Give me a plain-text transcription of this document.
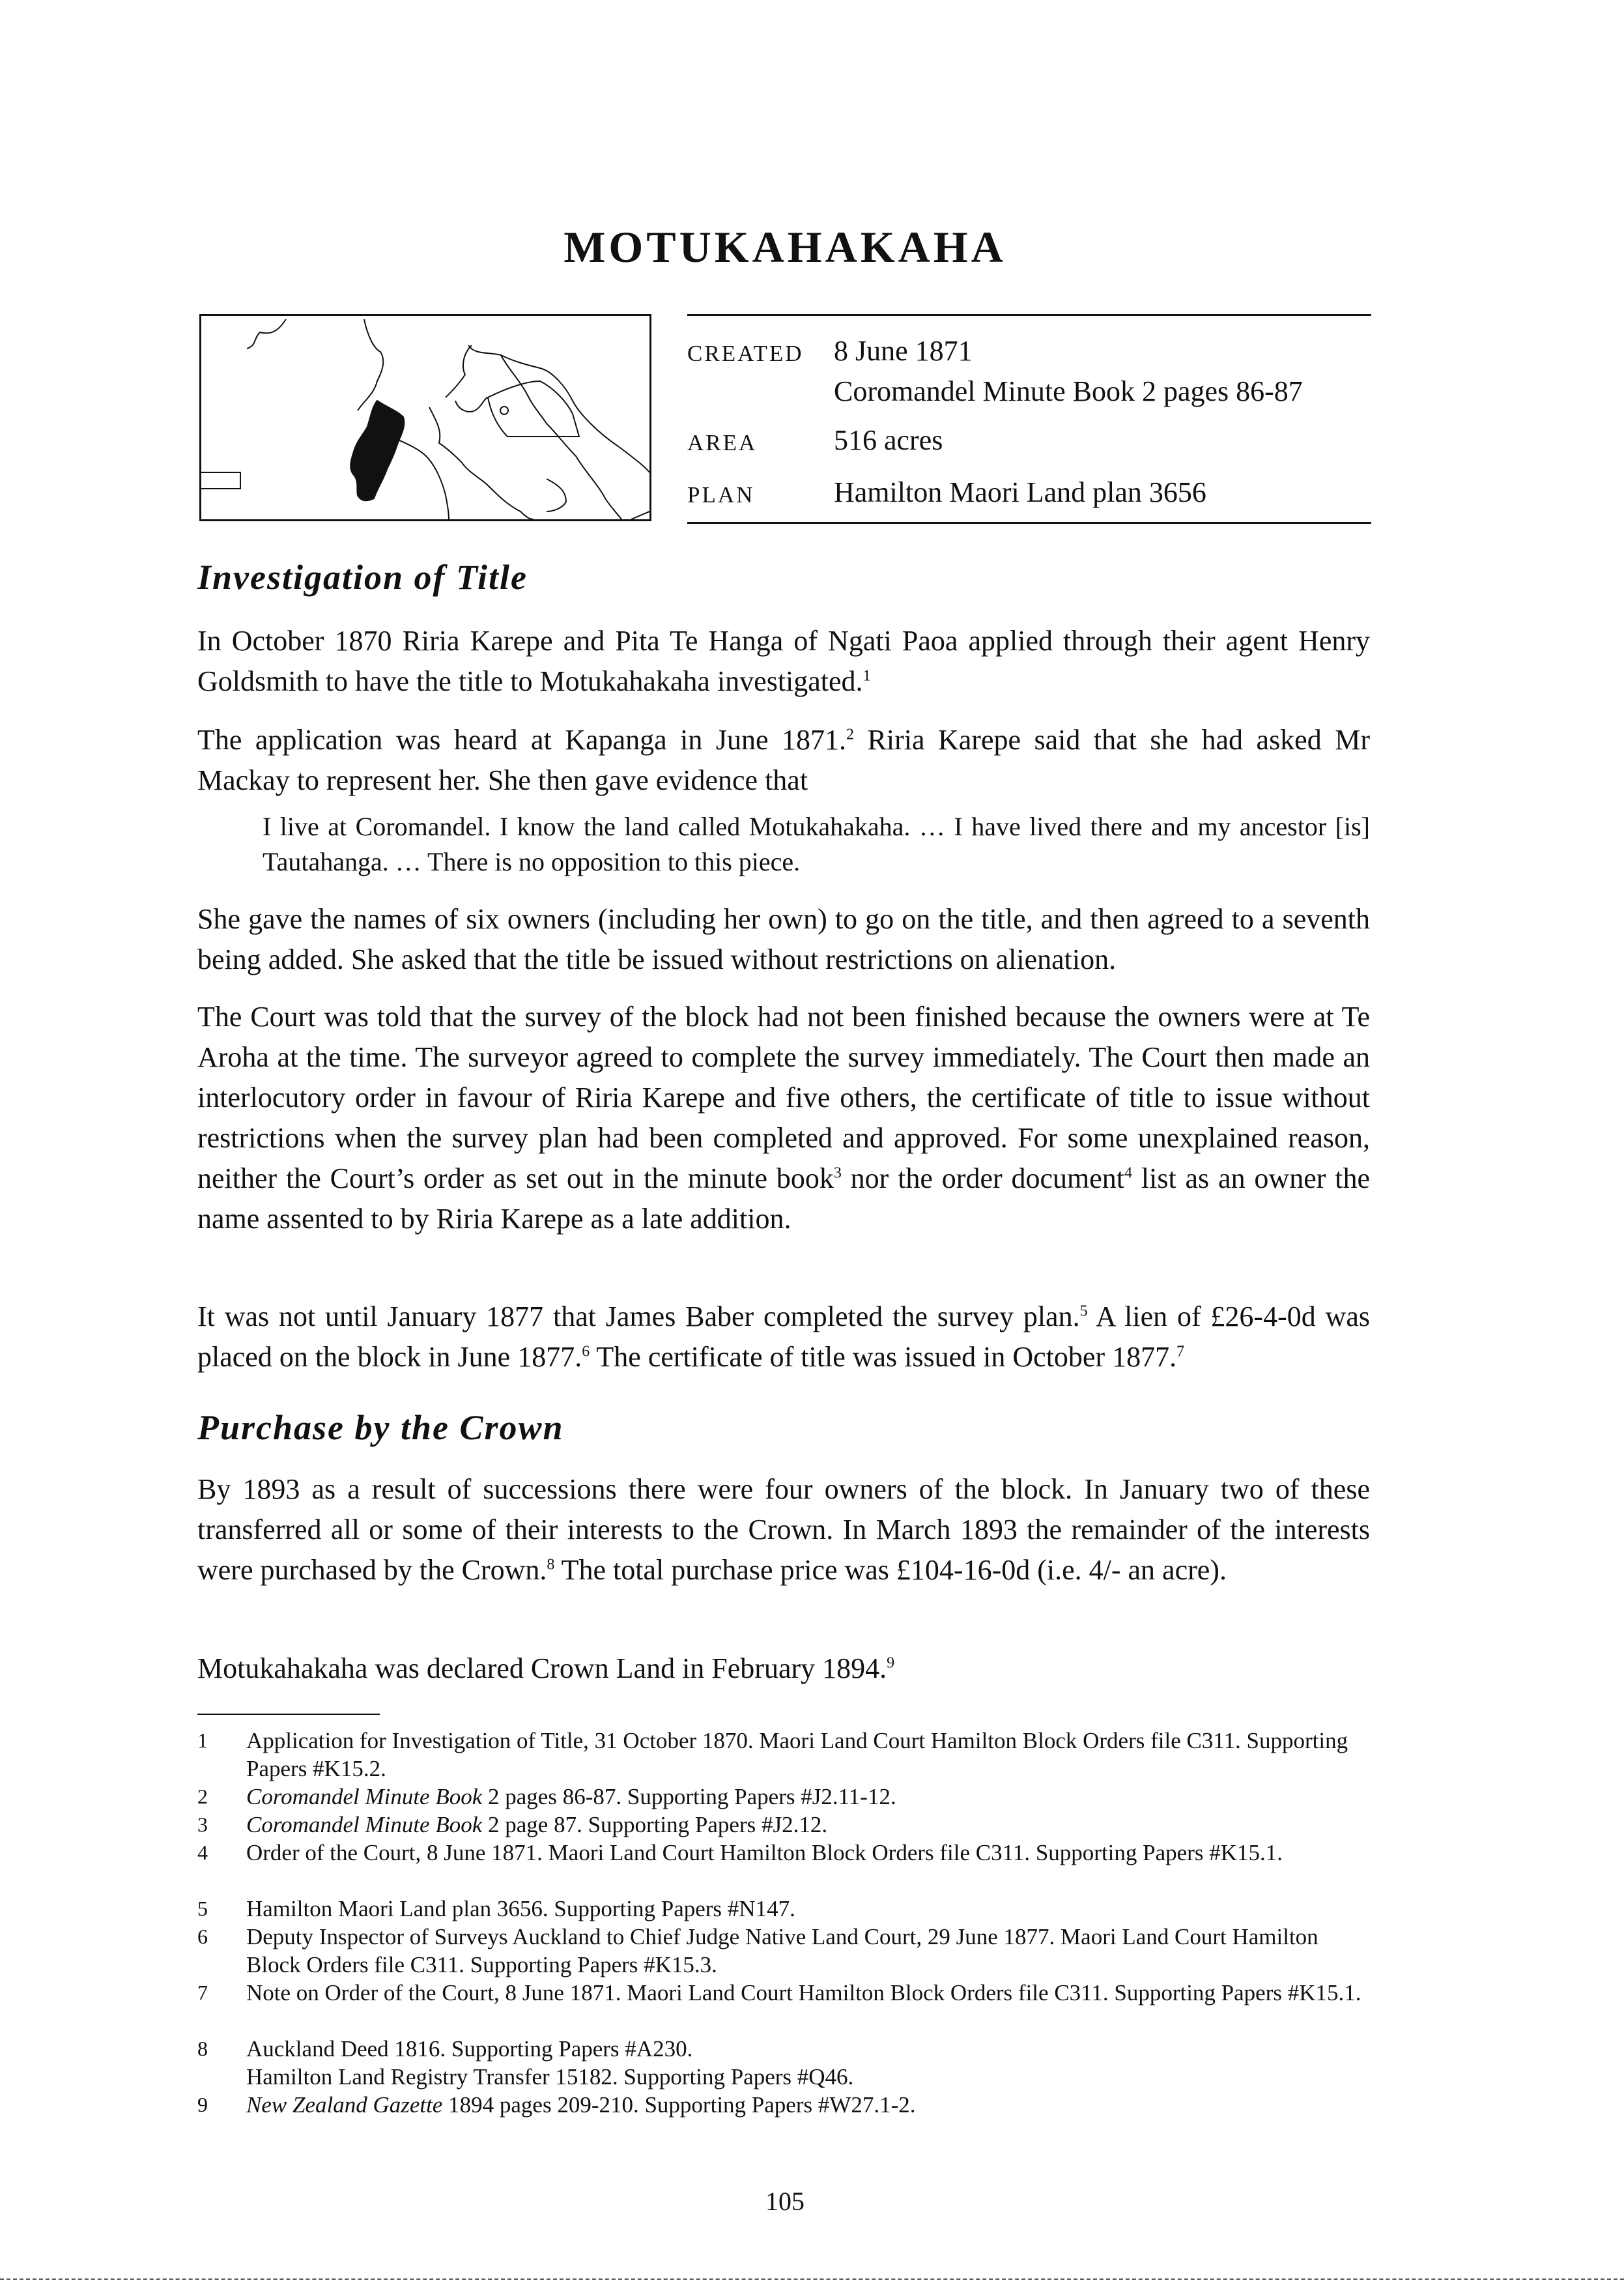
MOTUKAHAKAHA
CREATED 8 June 1871
Coromandel Minute Book 2 pages 86-87
AREA	516 acres
PLAN	Hamilton Maori Land plan 3656
Investigation of Title

In October 1870 Riria Karepe and Pita Te Hanga of Ngati Paoa applied through their agent Henry Goldsmith to have the title to Motukahakaha investigated.$^1$

The application was heard at Kapanga in June 1871.$^2$ Riria Karepe said that she had asked Mr Mackay to represent her. She then gave evidence that

I live at Coromandel. I know the land called Motukahakaha. … I have lived there and my ancestor [is] Tautahanga. … There is no opposition to this piece.

She gave the names of six owners (including her own) to go on the title, and then agreed to a seventh being added. She asked that the title be issued without restrictions on alienation.

The Court was told that the survey of the block had not been finished because the owners were at Te Aroha at the time. The surveyor agreed to complete the survey immediately. The Court then made an interlocutory order in favour of Riria Karepe and five others, the certificate of title to issue without restrictions when the survey plan had been completed and approved. For some unexplained reason, neither the Court’s order as set out in the minute book$^3$ nor the order document$^4$ list as an owner the name assented to by Riria Karepe as a late addition.

It was not until January 1877 that James Baber completed the survey plan.$^5$ A lien of £26-4-0d was placed on the block in June 1877.$^6$ The certificate of title was issued in October 1877.$^7$

Purchase by the Crown

By 1893 as a result of successions there were four owners of the block. In January two of these transferred all or some of their interests to the Crown. In March 1893 the remainder of the interests were purchased by the Crown.$^8$ The total purchase price was £104-16-0d (i.e. 4/- an acre).

Motukahakaha was declared Crown Land in February 1894.$^9$

1 Application for Investigation of Title, 31 October 1870. Maori Land Court Hamilton Block Orders file C311. Supporting Papers #K15.2.
2 Coromandel Minute Book 2 pages 86-87. Supporting Papers #J2.11-12.
3 Coromandel Minute Book 2 page 87. Supporting Papers #J2.12.
4 Order of the Court, 8 June 1871. Maori Land Court Hamilton Block Orders file C311. Supporting Papers #K15.1.
5 Hamilton Maori Land plan 3656. Supporting Papers #N147.
6 Deputy Inspector of Surveys Auckland to Chief Judge Native Land Court, 29 June 1877. Maori Land Court Hamilton Block Orders file C311. Supporting Papers #K15.3.
7 Note on Order of the Court, 8 June 1871. Maori Land Court Hamilton Block Orders file C311. Supporting Papers #K15.1.
8 Auckland Deed 1816. Supporting Papers #A230.
Hamilton Land Registry Transfer 15182. Supporting Papers #Q46.
9 New Zealand Gazette 1894 pages 209-210. Supporting Papers #W27.1-2.
105
